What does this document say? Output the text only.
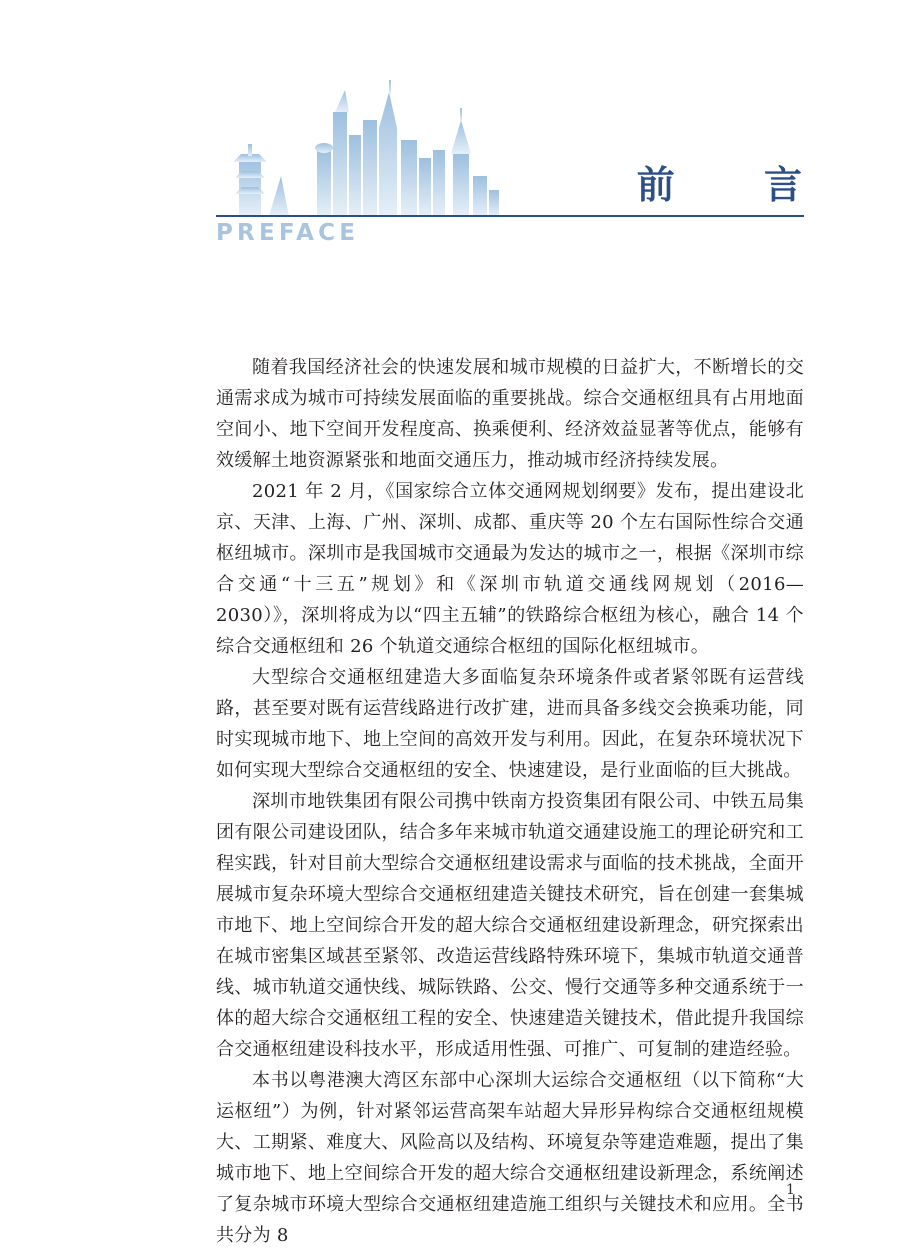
前 言
PREFACE

随着我国经济社会的快速发展和城市规模的日益扩大，不断增长的交通需求成为城市可持续发展面临的重要挑战。综合交通枢纽具有占用地面空间小、地下空间开发程度高、换乘便利、经济效益显著等优点，能够有效缓解土地资源紧张和地面交通压力，推动城市经济持续发展。

2021 年 2 月，《国家综合立体交通网规划纲要》发布，提出建设北京、天津、上海、广州、深圳、成都、重庆等 20 个左右国际性综合交通枢纽城市。深圳市是我国城市交通最为发达的城市之一，根据《深圳市综合交通“十三五”规划》和《深圳市轨道交通线网规划（2016—2030）》，深圳将成为以“四主五辅”的铁路综合枢纽为核心，融合 14 个综合交通枢纽和 26 个轨道交通综合枢纽的国际化枢纽城市。

大型综合交通枢纽建造大多面临复杂环境条件或者紧邻既有运营线路，甚至要对既有运营线路进行改扩建，进而具备多线交会换乘功能，同时实现城市地下、地上空间的高效开发与利用。因此，在复杂环境状况下如何实现大型综合交通枢纽的安全、快速建设，是行业面临的巨大挑战。

深圳市地铁集团有限公司携中铁南方投资集团有限公司、中铁五局集团有限公司建设团队，结合多年来城市轨道交通建设施工的理论研究和工程实践，针对目前大型综合交通枢纽建设需求与面临的技术挑战，全面开展城市复杂环境大型综合交通枢纽建造关键技术研究，旨在创建一套集城市地下、地上空间综合开发的超大综合交通枢纽建设新理念，研究探索出在城市密集区域甚至紧邻、改造运营线路特殊环境下，集城市轨道交通普线、城市轨道交通快线、城际铁路、公交、慢行交通等多种交通系统于一体的超大综合交通枢纽工程的安全、快速建造关键技术，借此提升我国综合交通枢纽建设科技水平，形成适用性强、可推广、可复制的建造经验。

本书以粤港澳大湾区东部中心深圳大运综合交通枢纽（以下简称“大运枢纽”）为例，针对紧邻运营高架车站超大异形异构综合交通枢纽规模大、工期紧、难度大、风险高以及结构、环境复杂等建造难题，提出了集城市地下、地上空间综合开发的超大综合交通枢纽建设新理念，系统阐述了复杂城市环境大型综合交通枢纽建造施工组织与关键技术和应用。全书共分为 8

1
